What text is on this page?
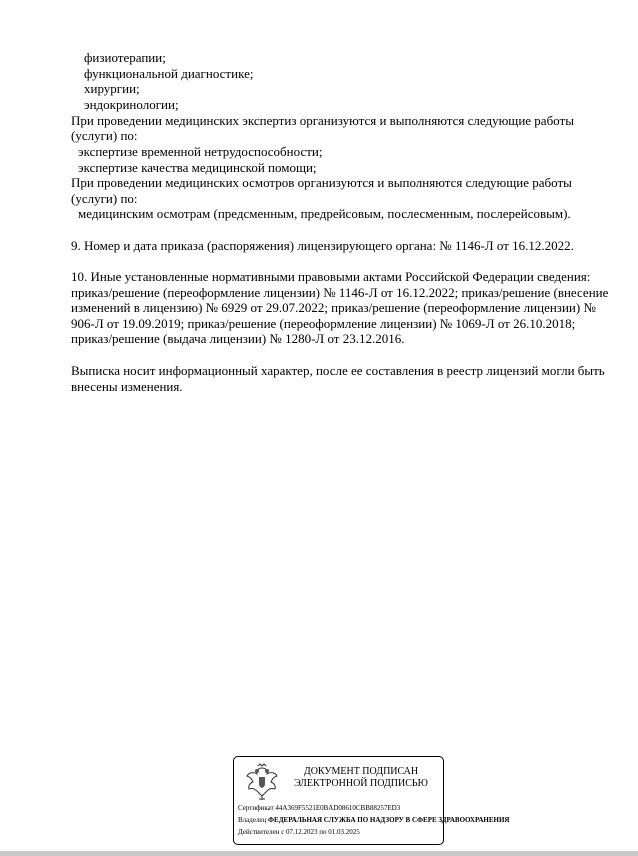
физиотерапии;
функциональной диагностике;
хирургии;
эндокринологии;
При проведении медицинских экспертиз организуются и выполняются следующие работы
(услуги) по:
экспертизе временной нетрудоспособности;
экспертизе качества медицинской помощи;
При проведении медицинских осмотров организуются и выполняются следующие работы
(услуги) по:
медицинским осмотрам (предсменным, предрейсовым, послесменным, послерейсовым).
9. Номер и дата приказа (распоряжения) лицензирующего органа: № 1146-Л от 16.12.2022.
10. Иные установленные нормативными правовыми актами Российской Федерации сведения:
приказ/решение (переоформление лицензии) № 1146-Л от 16.12.2022; приказ/решение (внесение
изменений в лицензию) № 6929 от 29.07.2022; приказ/решение (переоформление лицензии) №
906-Л от 19.09.2019; приказ/решение (переоформление лицензии) № 1069-Л от 26.10.2018;
приказ/решение (выдача лицензии) № 1280-Л от 23.12.2016.
Выписка носит информационный характер, после ее составления в реестр лицензий могли быть
внесены изменения.
ДОКУМЕНТ ПОДПИСАН
ЭЛЕКТРОННОЙ ПОДПИСЬЮ
Сертификат 44A369F5521E0BAD08610CBB88257ED3
Владелец ФЕДЕРАЛЬНАЯ СЛУЖБА ПО НАДЗОРУ В СФЕРЕ ЗДРАВООХРАНЕНИЯ
Действителен с 07.12.2023 по 01.03.2025
